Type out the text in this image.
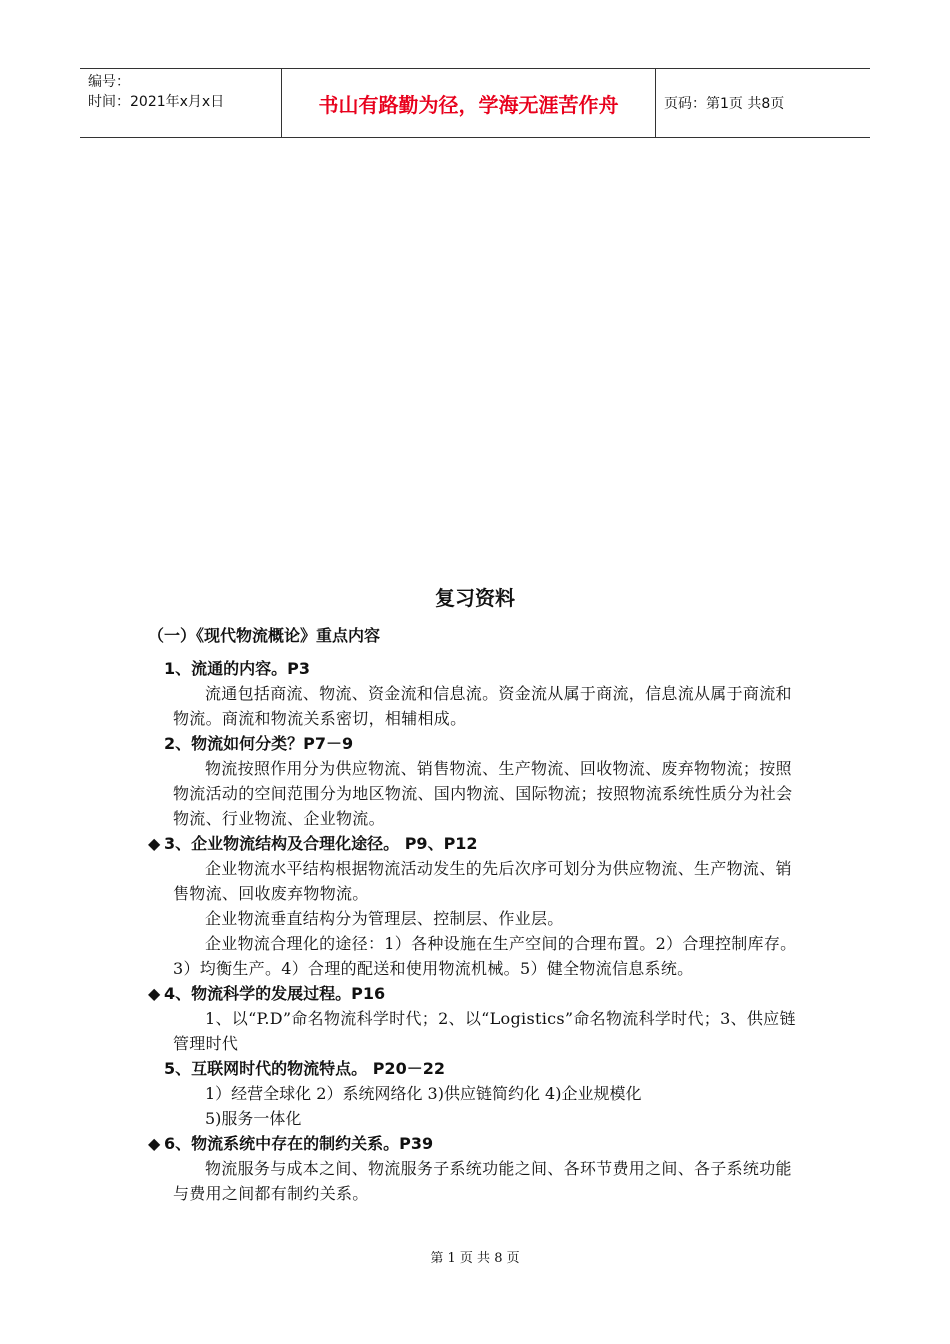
编号：
时间：2021年x月x日	书山有路勤为径，学海无涯苦作舟	页码：第1页 共8页
复习资料
（一）《现代物流概论》重点内容
1、流通的内容。P3
流通包括商流、物流、资金流和信息流。资金流从属于商流，信息流从属于商流和物流。商流和物流关系密切，相辅相成。
2、物流如何分类？P7－9
物流按照作用分为供应物流、销售物流、生产物流、回收物流、废弃物物流；按照物流活动的空间范围分为地区物流、国内物流、国际物流；按照物流系统性质分为社会物流、行业物流、企业物流。
◆ 3、企业物流结构及合理化途径。 P9、P12
企业物流水平结构根据物流活动发生的先后次序可划分为供应物流、生产物流、销售物流、回收废弃物物流。
企业物流垂直结构分为管理层、控制层、作业层。
企业物流合理化的途径：1）各种设施在生产空间的合理布置。2）合理控制库存。3）均衡生产。4）合理的配送和使用物流机械。5）健全物流信息系统。
◆ 4、物流科学的发展过程。P16
1、以“P.D”命名物流科学时代；2、以“Logistics”命名物流科学时代；3、供应链管理时代
5、互联网时代的物流特点。 P20－22
1）经营全球化 2）系统网络化 3)供应链简约化 4)企业规模化
5)服务一体化
◆ 6、物流系统中存在的制约关系。P39
物流服务与成本之间、物流服务子系统功能之间、各环节费用之间、各子系统功能与费用之间都有制约关系。
第 1 页 共 8 页
